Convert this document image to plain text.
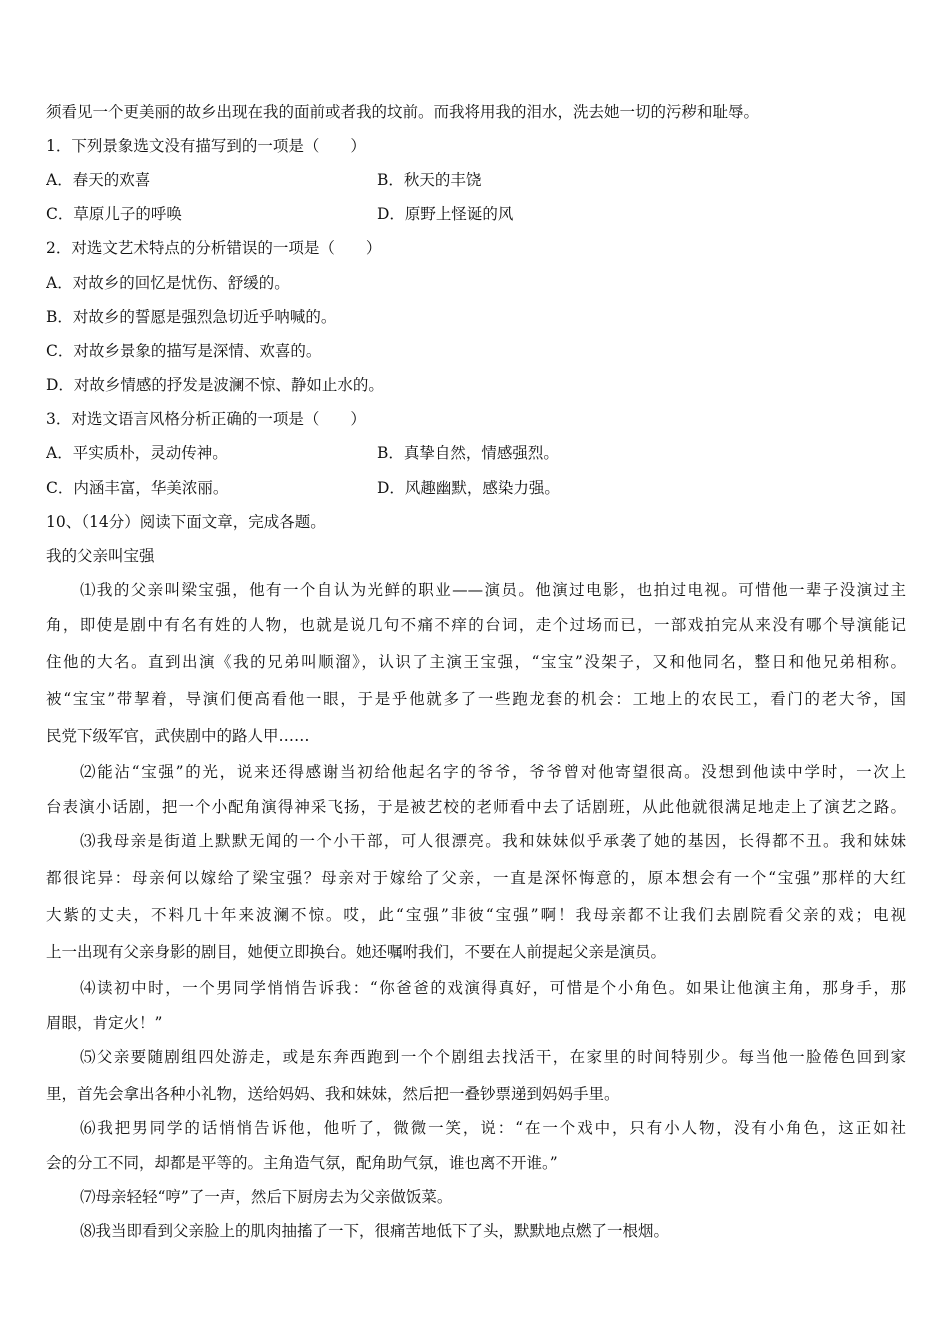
须看见一个更美丽的故乡出现在我的面前或者我的坟前。而我将用我的泪水，洗去她一切的污秽和耻辱。
1．下列景象选文没有描写到的一项是（　　）
A．春天的欢喜	B．秋天的丰饶
C．草原儿子的呼唤	D．原野上怪诞的风
2．对选文艺术特点的分析错误的一项是（　　）
A．对故乡的回忆是忧伤、舒缓的。
B．对故乡的誓愿是强烈急切近乎呐喊的。
C．对故乡景象的描写是深情、欢喜的。
D．对故乡情感的抒发是波澜不惊、静如止水的。
3．对选文语言风格分析正确的一项是（　　）
A．平实质朴，灵动传神。	B．真挚自然，情感强烈。
C．内涵丰富，华美浓丽。	D．风趣幽默，感染力强。
10、（14分）阅读下面文章，完成各题。
我的父亲叫宝强
⑴我的父亲叫梁宝强，他有一个自认为光鲜的职业——演员。他演过电影，也拍过电视。可惜他一辈子没演过主
角，即使是剧中有名有姓的人物，也就是说几句不痛不痒的台词，走个过场而已，一部戏拍完从来没有哪个导演能记
住他的大名。直到出演《我的兄弟叫顺溜》，认识了主演王宝强，“宝宝”没架子，又和他同名，整日和他兄弟相称。
被“宝宝”带挈着，导演们便高看他一眼，于是乎他就多了一些跑龙套的机会：工地上的农民工，看门的老大爷，国
民党下级军官，武侠剧中的路人甲……
⑵能沾“宝强”的光，说来还得感谢当初给他起名字的爷爷，爷爷曾对他寄望很高。没想到他读中学时，一次上
台表演小话剧，把一个小配角演得神采飞扬，于是被艺校的老师看中去了话剧班，从此他就很满足地走上了演艺之路。
⑶我母亲是街道上默默无闻的一个小干部，可人很漂亮。我和妹妹似乎承袭了她的基因，长得都不丑。我和妹妹
都很诧异：母亲何以嫁给了梁宝强？母亲对于嫁给了父亲，一直是深怀悔意的，原本想会有一个“宝强”那样的大红
大紫的丈夫，不料几十年来波澜不惊。哎，此“宝强”非彼“宝强”啊！我母亲都不让我们去剧院看父亲的戏；电视
上一出现有父亲身影的剧目，她便立即换台。她还嘱咐我们，不要在人前提起父亲是演员。
⑷读初中时，一个男同学悄悄告诉我：“你爸爸的戏演得真好，可惜是个小角色。如果让他演主角，那身手，那
眉眼，肯定火！”
⑸父亲要随剧组四处游走，或是东奔西跑到一个个剧组去找活干，在家里的时间特别少。每当他一脸倦色回到家
里，首先会拿出各种小礼物，送给妈妈、我和妹妹，然后把一叠钞票递到妈妈手里。
⑹我把男同学的话悄悄告诉他，他听了，微微一笑，说：“在一个戏中，只有小人物，没有小角色，这正如社
会的分工不同，却都是平等的。主角造气氛，配角助气氛，谁也离不开谁。”
⑺母亲轻轻“哼”了一声，然后下厨房去为父亲做饭菜。
⑻我当即看到父亲脸上的肌肉抽搐了一下，很痛苦地低下了头，默默地点燃了一根烟。
